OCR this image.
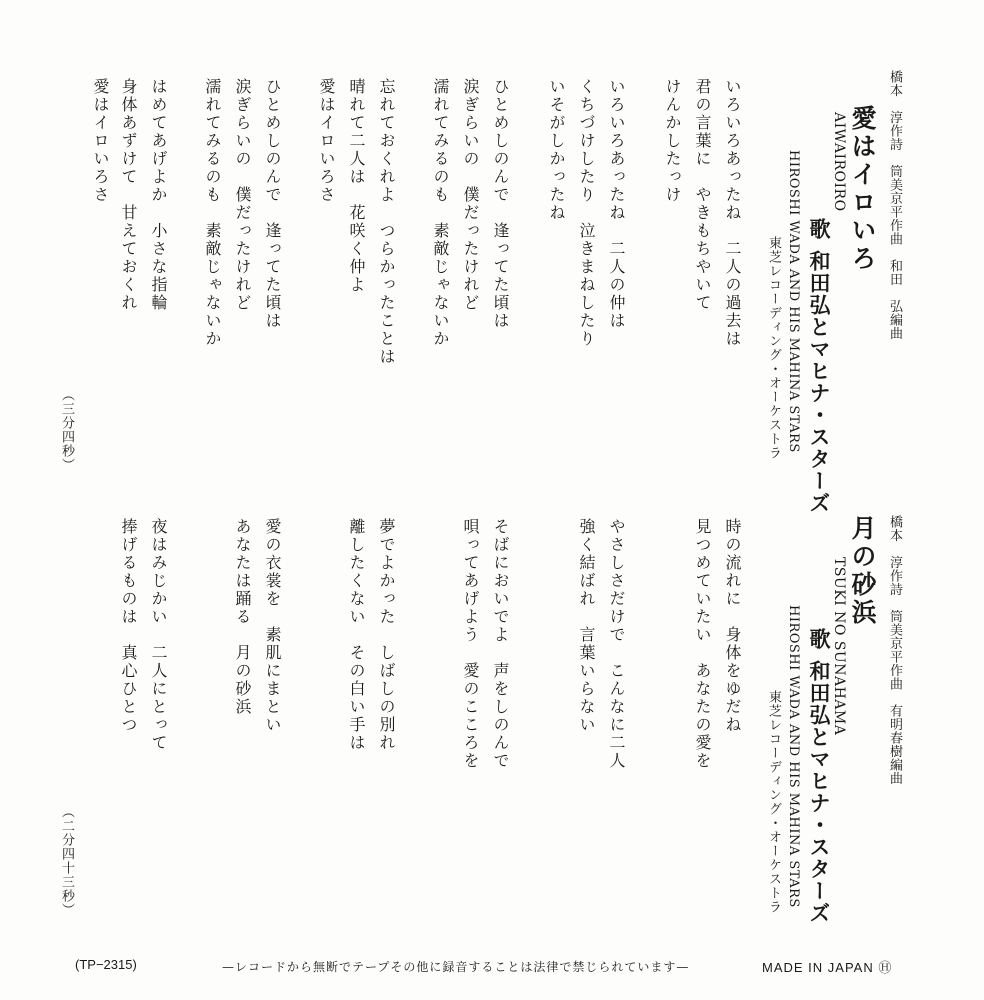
橋本　淳作詩　筒美京平作曲　和田　弘編曲
愛はイロいろ
AIWAIROIRO
歌
和田弘とマヒナ・スターズ
HIROSHI WADA AND HIS MAHINA STARS
東芝レコーディング・オーケストラ
いろいろあったね　二人の過去は
君の言葉に　やきもちやいて
けんかしたっけ
いろいろあったね　二人の仲は
くちづけしたり　泣きまねしたり
いそがしかったね
ひとめしのんで　逢ってた頃は
涙ぎらいの　僕だったけれど
濡れてみるのも　素敵じゃないか
忘れておくれよ　つらかったことは
晴れて二人は　花咲く仲よ
愛はイロいろさ
ひとめしのんで　逢ってた頃は
涙ぎらいの　僕だったけれど
濡れてみるのも　素敵じゃないか
はめてあげよか　小さな指輪
身体あずけて　甘えておくれ
愛はイロいろさ
（三分四秒）
橋本　淳作詩　筒美京平作曲　有明春樹編曲
月の砂浜
TSUKI NO SUNAHAMA
歌
和田弘とマヒナ・スターズ
HIROSHI WADA AND HIS MAHINA STARS
東芝レコーディング・オーケストラ
時の流れに　身体をゆだね
見つめていたい　あなたの愛を
やさしさだけで　こんなに二人
強く結ばれ　言葉いらない
そばにおいでよ　声をしのんで
唄ってあげよう　愛のこころを
夢でよかった　しばしの別れ
離したくない　その白い手は
愛の衣裳を　素肌にまとい
あなたは踊る　月の砂浜
夜はみじかい　二人にとって
捧げるものは　真心ひとつ
（二分四十三秒）
(TP−2315)	—レコードから無断でテープその他に録音することは法律で禁じられています—	MADE IN JAPAN Ⓗ
